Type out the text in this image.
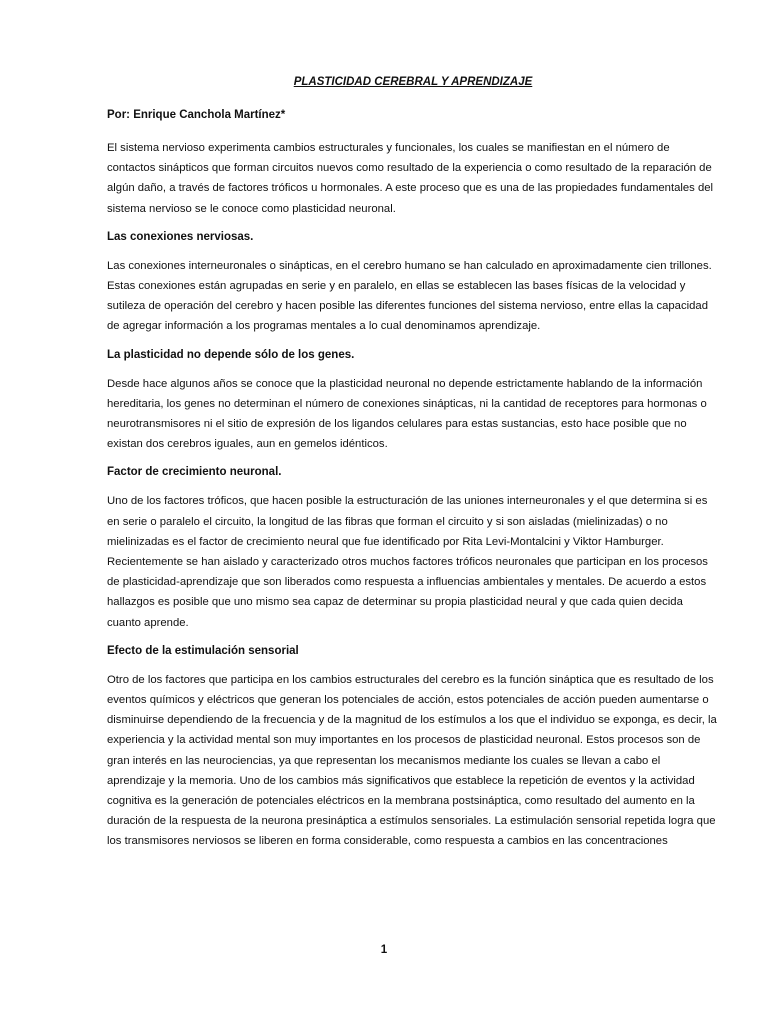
PLASTICIDAD CEREBRAL Y APRENDIZAJE

Por: Enrique Canchola Martínez*

El sistema nervioso experimenta cambios estructurales y funcionales, los cuales se manifiestan en el número de contactos sinápticos que forman circuitos nuevos como resultado de la experiencia o como resultado de la reparación de algún daño, a través de factores tróficos u hormonales. A este proceso que es una de las propiedades fundamentales del sistema nervioso se le conoce como plasticidad neuronal.

Las conexiones nerviosas.

Las conexiones interneuronales o sinápticas, en el cerebro humano se han calculado en aproximadamente cien trillones. Estas conexiones están agrupadas en serie y en paralelo, en ellas se establecen las bases físicas de la velocidad y sutileza de operación del cerebro y hacen posible las diferentes funciones del sistema nervioso, entre ellas la capacidad de agregar información a los programas mentales a lo cual denominamos aprendizaje.

La plasticidad no depende sólo de los genes.

Desde hace algunos años se conoce que la plasticidad neuronal no depende estrictamente hablando de la información hereditaria, los genes no determinan el número de conexiones sinápticas, ni la cantidad de receptores para hormonas o neurotransmisores ni el sitio de expresión de los ligandos celulares para estas sustancias, esto hace posible que no existan dos cerebros iguales, aun en gemelos idénticos.

Factor de crecimiento neuronal.

Uno de los factores tróficos, que hacen posible la estructuración de las uniones interneuronales y el que determina si es en serie o paralelo el circuito, la longitud de las fibras que forman el circuito y si son aisladas (mielinizadas) o no mielinizadas es el factor de crecimiento neural que fue identificado por Rita Levi-Montalcini y Viktor Hamburger. Recientemente se han aislado y caracterizado otros muchos factores tróficos neuronales que participan en los procesos de plasticidad-aprendizaje que son liberados como respuesta a influencias ambientales y mentales. De acuerdo a estos hallazgos es posible que uno mismo sea capaz de determinar su propia plasticidad neural y que cada quien decida cuanto aprende.

Efecto de la estimulación sensorial

Otro de los factores que participa en los cambios estructurales del cerebro es la función sináptica que es resultado de los eventos químicos y eléctricos que generan los potenciales de acción, estos potenciales de acción pueden aumentarse o disminuirse dependiendo de la frecuencia y de la magnitud de los estímulos a los que el individuo se exponga, es decir, la experiencia y la actividad mental son muy importantes en los procesos de plasticidad neuronal. Estos procesos son de gran interés en las neurociencias, ya que representan los mecanismos mediante los cuales se llevan a cabo el aprendizaje y la memoria. Uno de los cambios más significativos que establece la repetición de eventos y la actividad cognitiva es la generación de potenciales eléctricos en la membrana postsináptica, como resultado del aumento en la duración de la respuesta de la neurona presináptica a estímulos sensoriales. La estimulación sensorial repetida logra que los transmisores nerviosos se liberen en forma considerable, como respuesta a cambios en las concentraciones

1
